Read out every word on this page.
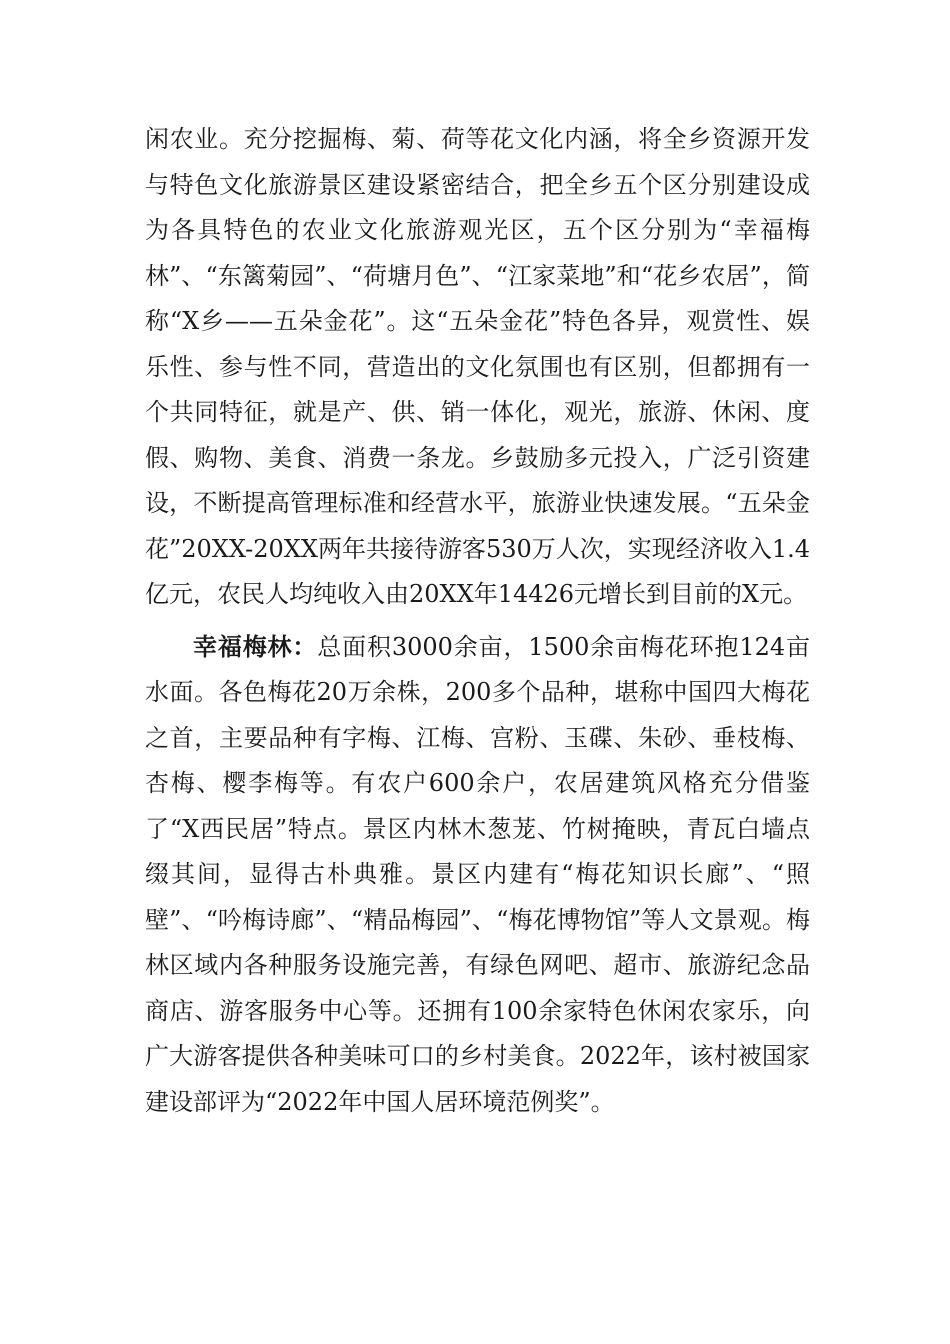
闲农业。充分挖掘梅、菊、荷等花文化内涵，将全乡资源开发与特色文化旅游景区建设紧密结合，把全乡五个区分别建设成为各具特色的农业文化旅游观光区，五个区分别为“幸福梅林”、“东篱菊园”、“荷塘月色”、“江家菜地”和“花乡农居”，简称“X乡——五朵金花”。这“五朵金花”特色各异，观赏性、娱乐性、参与性不同，营造出的文化氛围也有区别，但都拥有一个共同特征，就是产、供、销一体化，观光，旅游、休闲、度假、购物、美食、消费一条龙。乡鼓励多元投入，广泛引资建设，不断提高管理标准和经营水平，旅游业快速发展。“五朵金花”20XX-20XX两年共接待游客530万人次，实现经济收入1.4亿元，农民人均纯收入由20XX年14426元增长到目前的X元。

幸福梅林：总面积3000余亩，1500余亩梅花环抱124亩水面。各色梅花20万余株，200多个品种，堪称中国四大梅花之首，主要品种有字梅、江梅、宫粉、玉碟、朱砂、垂枝梅、杏梅、樱李梅等。有农户600余户，农居建筑风格充分借鉴了“X西民居”特点。景区内林木葱茏、竹树掩映，青瓦白墙点缀其间，显得古朴典雅。景区内建有“梅花知识长廊”、“照壁”、“吟梅诗廊”、“精品梅园”、“梅花博物馆”等人文景观。梅林区域内各种服务设施完善，有绿色网吧、超市、旅游纪念品商店、游客服务中心等。还拥有100余家特色休闲农家乐，向广大游客提供各种美味可口的乡村美食。2022年，该村被国家建设部评为“2022年中国人居环境范例奖”。
